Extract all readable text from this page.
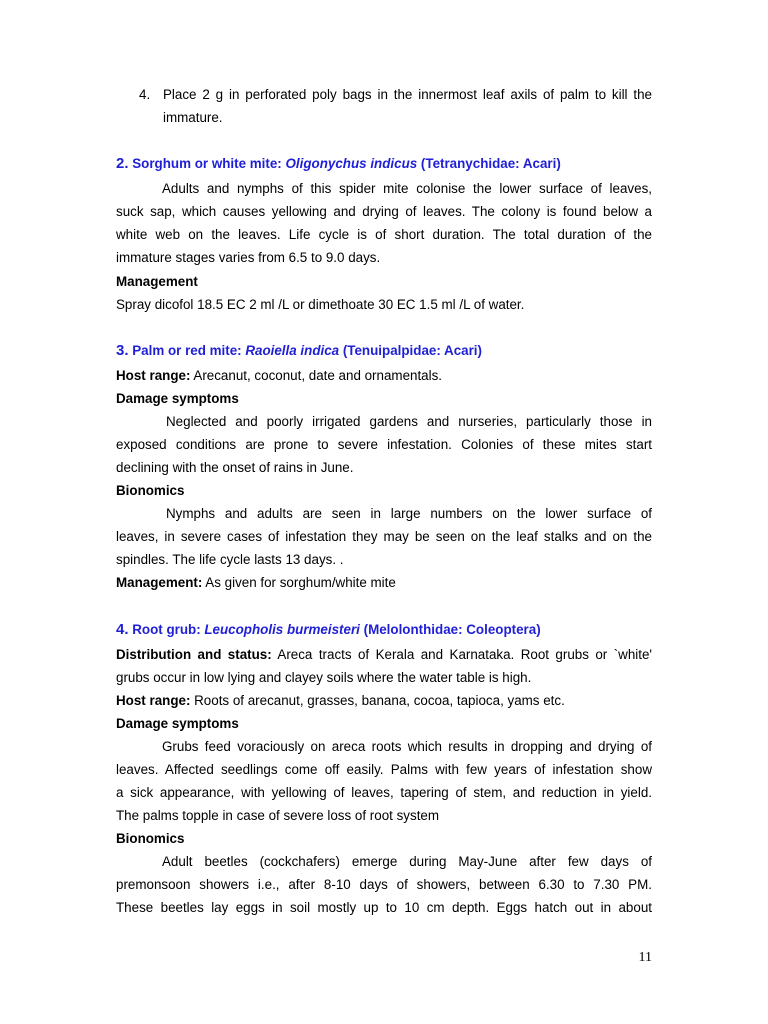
4. Place 2 g in perforated poly bags in the innermost leaf axils of palm to kill the
immature.
2. Sorghum or white mite: Oligonychus indicus (Tetranychidae: Acari)
Adults and nymphs of this spider mite colonise the lower surface of leaves,
suck sap, which causes yellowing and drying of leaves. The colony is found below a
white web on the leaves. Life cycle is of short duration. The total duration of the
immature stages varies from 6.5 to 9.0 days.
Management
Spray dicofol 18.5 EC 2 ml /L or dimethoate 30 EC 1.5 ml /L of water.
3. Palm or red mite: Raoiella indica (Tenuipalpidae: Acari)
Host range: Arecanut, coconut, date and ornamentals.
Damage symptoms
Neglected and poorly irrigated gardens and nurseries, particularly those in
exposed conditions are prone to severe infestation. Colonies of these mites start
declining with the onset of rains in June.
Bionomics
Nymphs and adults are seen in large numbers on the lower surface of
leaves, in severe cases of infestation they may be seen on the leaf stalks and on the
spindles. The life cycle lasts 13 days. .
Management: As given for sorghum/white mite
4. Root grub: Leucopholis burmeisteri (Melolonthidae: Coleoptera)
Distribution and status: Areca tracts of Kerala and Karnataka. Root grubs or `white'
grubs occur in low lying and clayey soils where the water table is high.
Host range: Roots of arecanut, grasses, banana, cocoa, tapioca, yams etc.
Damage symptoms
Grubs feed voraciously on areca roots which results in dropping and drying of
leaves. Affected seedlings come off easily. Palms with few years of infestation show
a sick appearance, with yellowing of leaves, tapering of stem, and reduction in yield.
The palms topple in case of severe loss of root system
Bionomics
Adult beetles (cockchafers) emerge during May-June after few days of
premonsoon showers i.e., after 8-10 days of showers, between 6.30 to 7.30 PM.
These beetles lay eggs in soil mostly up to 10 cm depth. Eggs hatch out in about
11
